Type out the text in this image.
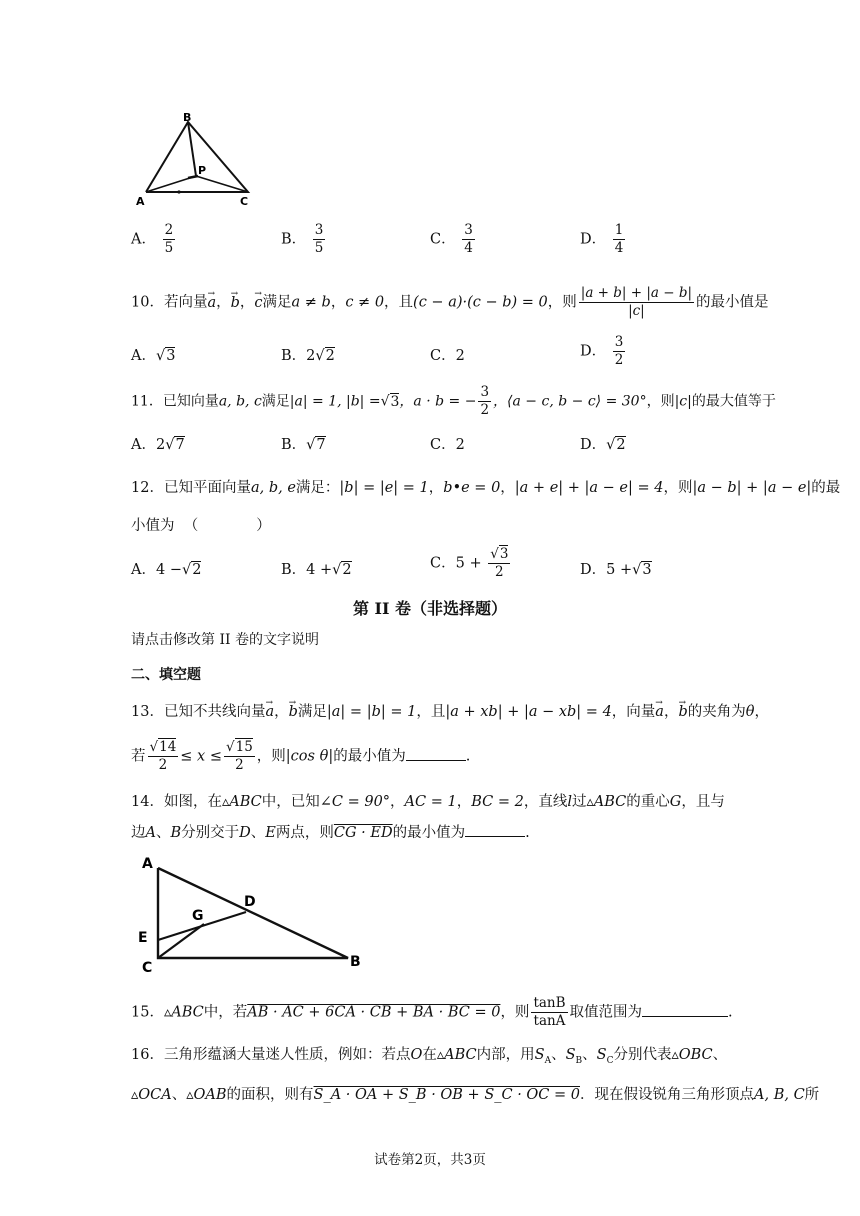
B
P
A	C
A． $\frac{2}{5}$	B． $\frac{3}{5}$	C． $\frac{3}{4}$	D． $\frac{1}{4}$
10．若向量→ a，→ b，→ c满足a ≠ b，c ≠ 0，且(c − a)·(c − b) = 0，则 $\frac{|a + b| + |a - b|}{|c|}$ 的最小值是
A．√3	B．2√2	C．2	D． $\frac{3}{2}$
11．已知向量a, b, c满足|a| = 1, |b| =√3，a · b = − $\frac{3}{2}$ ，⟨a − c, b − c⟩ = 30°，则|c|的最大值等于
A．2√7	B．√7	C．2	D．√2
12．已知平面向量a, b, e满足：|b| = |e| = 1，b•e = 0，|a + e| + |a − e| = 4，则|a − b| + |a − e|的最
小值为 （　　　　）
A．4 −√2	B．4 +√2	C．$5 + \frac{√3}{2}$	D．5 +√3
第 II 卷（非选择题）
请点击修改第 II 卷的文字说明
二、填空题
13．已知不共线向量→ a，→ b满足|a| = |b| = 1，且|a + xb| + |a − xb| = 4，向量→ a，→ b的夹角为θ，
若 $\frac{√14}{2} \le x \le \frac{√15}{2}$ ，则|cos θ|的最小值为	.
14．如图，在▵ABC中，已知∠C = 90°，AC = 1，BC = 2，直线l过▵ABC的重心G，且与
边A、B分别交于D、E两点，则CG · ED的最小值为	.
A
D
G
E
C	B
15．▵ABC中，若AB · AC + 6CA · CB + BA · BC = 0，则 $\frac{\tan B}{\tan A}$ 取值范围为	.
16．三角形蕴涵大量迷人性质，例如：若点O在▵ABC内部，用$S_A$、$S_B$、$S_C$分别代表▵OBC、
▵OCA、▵OAB的面积，则有S_A · OA + S_B · OB + S_C · OC = 0．现在假设锐角三角形顶点A, B, C所
试卷第2页，共3页
